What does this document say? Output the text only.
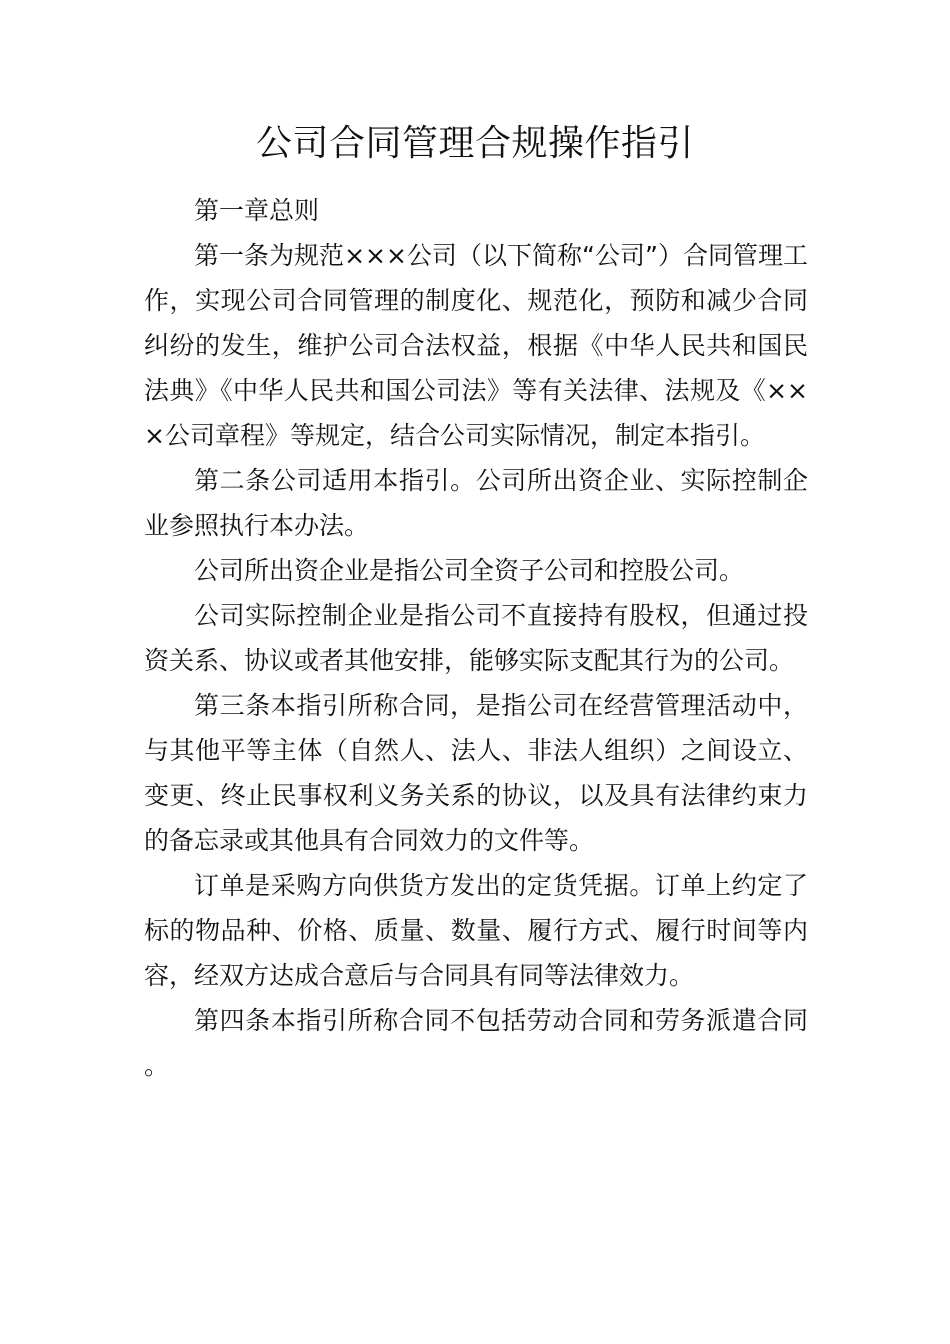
公司合同管理合规操作指引

第一章总则

第一条为规范×××公司（以下简称“公司”）合同管理工作，实现公司合同管理的制度化、规范化，预防和减少合同纠纷的发生，维护公司合法权益，根据《中华人民共和国民法典》《中华人民共和国公司法》等有关法律、法规及《×××公司章程》等规定，结合公司实际情况，制定本指引。

第二条公司适用本指引。公司所出资企业、实际控制企业参照执行本办法。

公司所出资企业是指公司全资子公司和控股公司。

公司实际控制企业是指公司不直接持有股权，但通过投资关系、协议或者其他安排，能够实际支配其行为的公司。

第三条本指引所称合同，是指公司在经营管理活动中，与其他平等主体（自然人、法人、非法人组织）之间设立、变更、终止民事权利义务关系的协议，以及具有法律约束力的备忘录或其他具有合同效力的文件等。

订单是采购方向供货方发出的定货凭据。订单上约定了标的物品种、价格、质量、数量、履行方式、履行时间等内容，经双方达成合意后与合同具有同等法律效力。

第四条本指引所称合同不包括劳动合同和劳务派遣合同。
